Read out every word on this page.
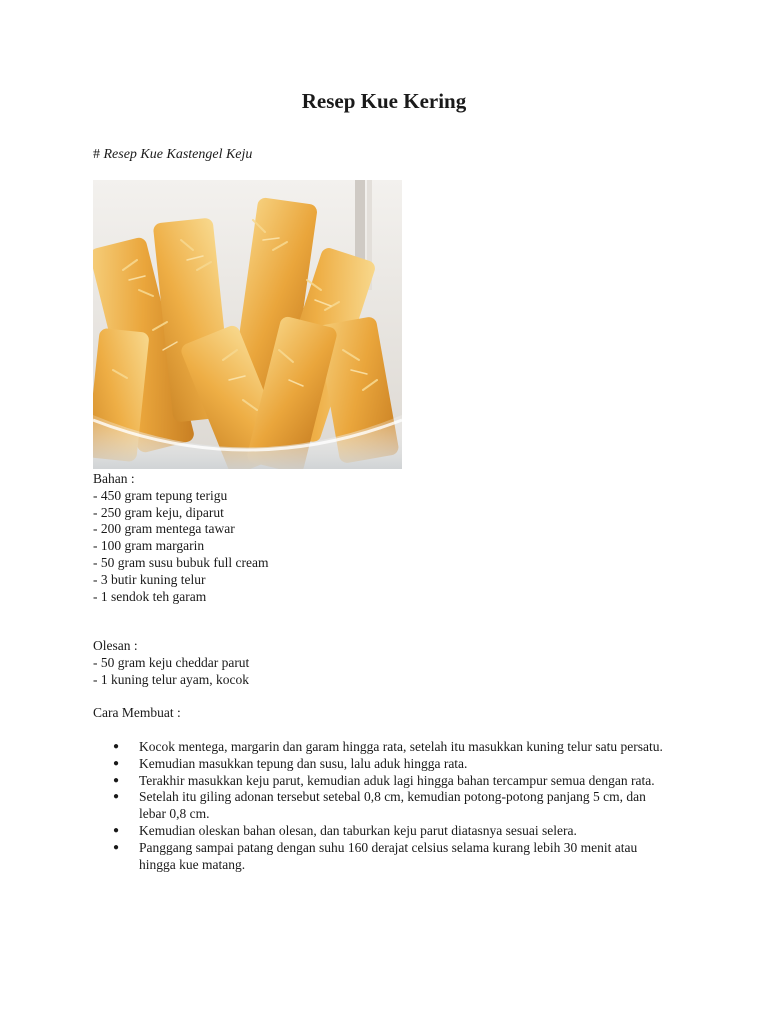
Resep Kue Kering
# Resep Kue Kastengel Keju
Bahan :
- 450 gram tepung terigu
- 250 gram keju, diparut
- 200 gram mentega tawar
- 100 gram margarin
- 50 gram susu bubuk full cream
- 3 butir kuning telur
- 1 sendok teh garam
Olesan :
- 50 gram keju cheddar parut
- 1 kuning telur ayam, kocok
Cara Membuat :
● Kocok mentega, margarin dan garam hingga rata, setelah itu masukkan kuning telur satu persatu.
● Kemudian masukkan tepung dan susu, lalu aduk hingga rata.
● Terakhir masukkan keju parut, kemudian aduk lagi hingga bahan tercampur semua dengan rata.
● Setelah itu giling adonan tersebut setebal 0,8 cm, kemudian potong-potong panjang 5 cm, dan lebar 0,8 cm.
● Kemudian oleskan bahan olesan, dan taburkan keju parut diatasnya sesuai selera.
● Panggang sampai patang dengan suhu 160 derajat celsius selama kurang lebih 30 menit atau hingga kue matang.
